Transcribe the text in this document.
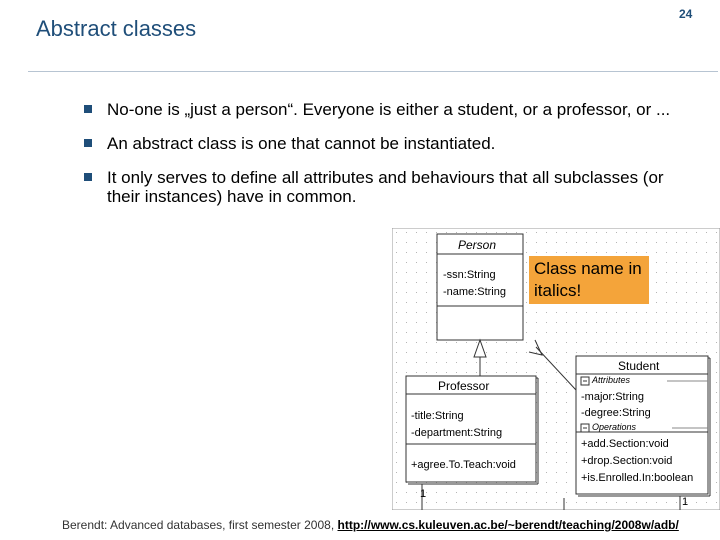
Abstract classes
24
No-one is „just a person“. Everyone is either a student, or a professor, or ...
An abstract class is one that cannot be instantiated.
It only serves to define all attributes and behaviours that all subclasses (or their instances) have in common.
Person
-ssn:String
-name:String
Professor
-title:String
-department:String
+agree.To.Teach:void
1
Student
Attributes
-major:String
-degree:String
Operations
+add.Section:void
+drop.Section:void
+is.Enrolled.In:boolean
1
Class name in italics!
Berendt: Advanced databases, first semester 2008, http://www.cs.kuleuven.ac.be/~berendt/teaching/2008w/adb/
